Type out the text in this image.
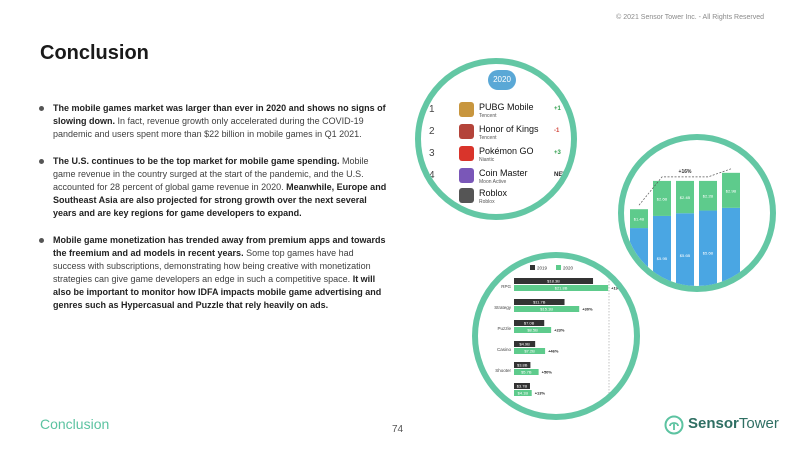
© 2021 Sensor Tower Inc. - All Rights Reserved
Conclusion
The mobile games market was larger than ever in 2020 and shows no signs of slowing down. In fact, revenue growth only accelerated during the COVID-19 pandemic and users spent more than $22 billion in mobile games in Q1 2021.
The U.S. continues to be the top market for mobile game spending. Mobile game revenue in the country surged at the start of the pandemic, and the U.S. accounted for 28 percent of global game revenue in 2020. Meanwhile, Europe and Southeast Asia are also projected for strong growth over the next several years and are key regions for game developers to expand.
Mobile game monetization has trended away from premium apps and towards the freemium and ad models in recent years. Some top games have had success with subscriptions, demonstrating how being creative with monetization strategies can give game developers an edge in such a competitive space. It will also be important to monitor how IDFA impacts mobile game advertising and genres such as Hypercasual and Puzzle that rely heavily on ads.
2020
1	PUBG Mobile
Tencent
+1
2	Honor of Kings
Tencent
-1
3	Pokémon GO
Niantic
+3
4	Coin Master
Moon Active
NEW
Roblox
Roblox
$1.4B
$2.6B
$5.9B
$2.4B
$5.6B
$2.2B
$5.6B
$2.9B
+16%
2019	2020
RPG
$18.3B
$21.8B	+19%
Strategy
$11.7B
$15.1B	+30%
Puzzle
$7.0B
$8.5B	+23%
Casino
$4.9B
$7.2B	+46%
Shooter
$3.8B
$5.7B	+50%
$3.7B
$4.1B +13%
Conclusion	74	SensorTower
